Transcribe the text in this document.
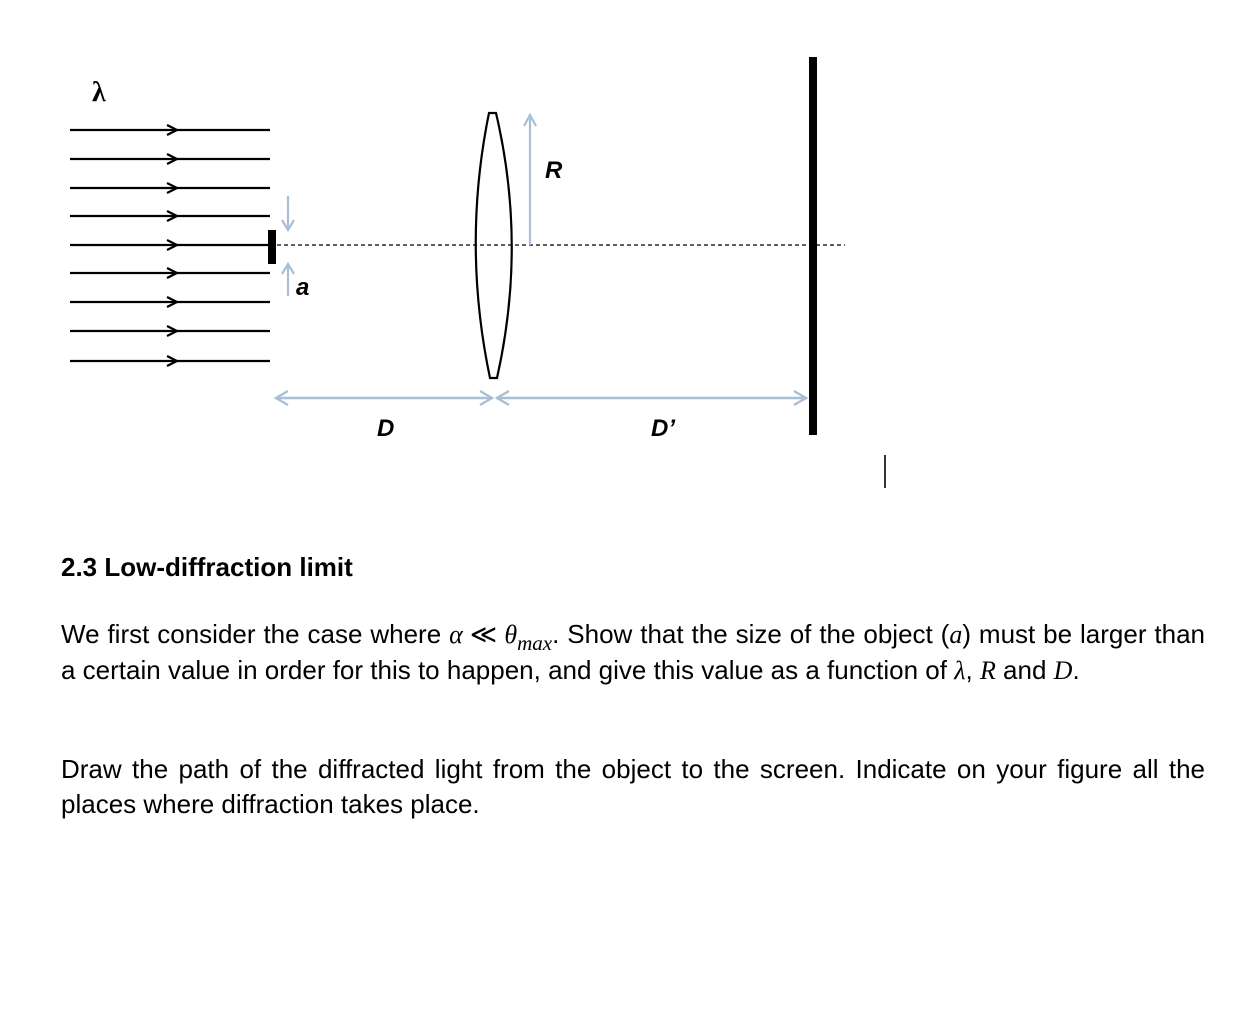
λ
a
R
D	D’
2.3 Low-diffraction limit
We first consider the case where α ≪ $\theta_{max}$. Show that the size of the object (a) must be larger than a certain value in order for this to happen, and give this value as a function of λ, R and D.
Draw the path of the diffracted light from the object to the screen. Indicate on your figure all the places where diffraction takes place.
